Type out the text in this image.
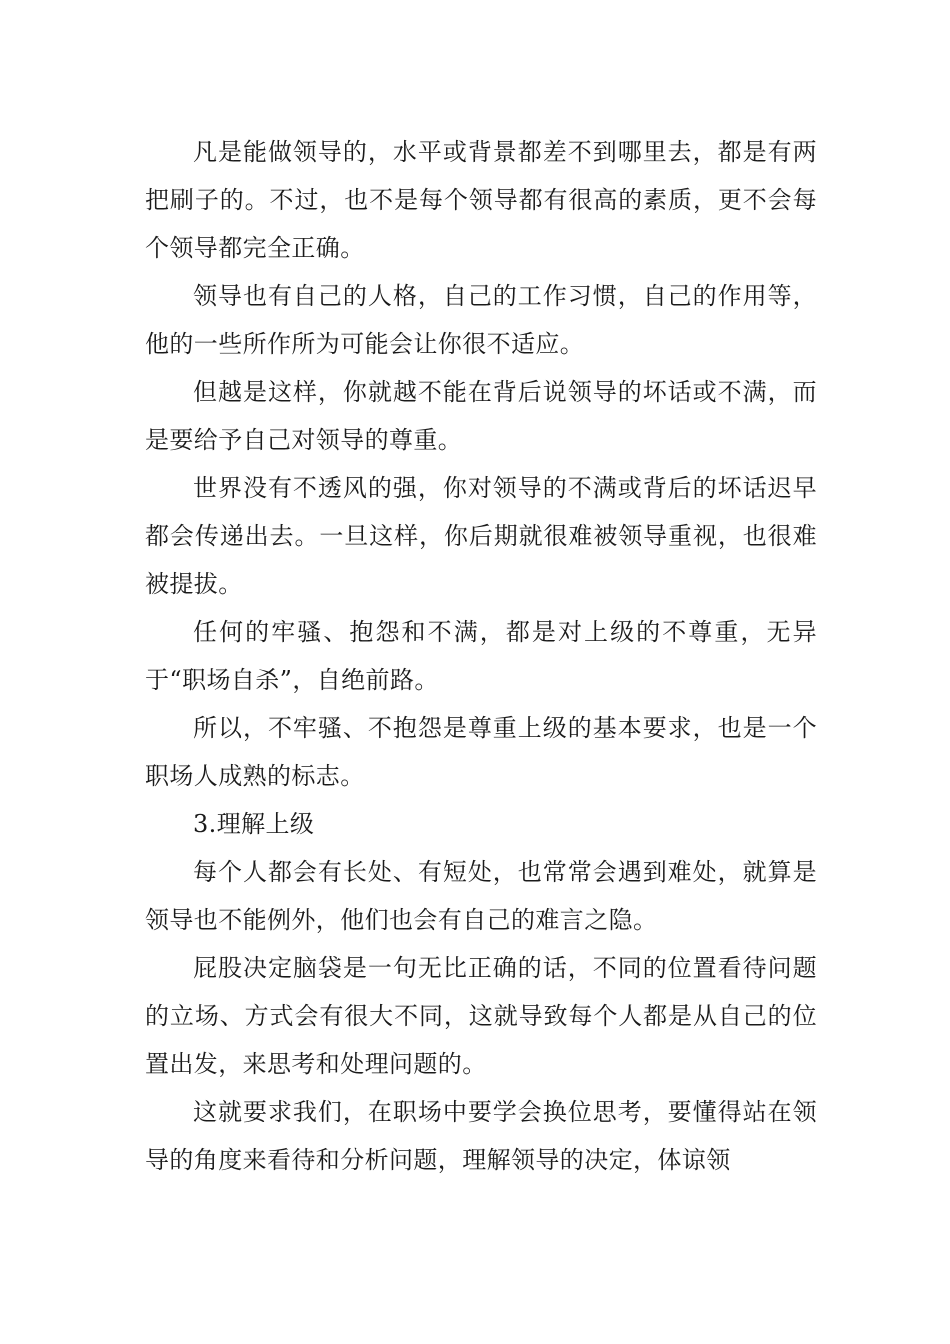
凡是能做领导的，水平或背景都差不到哪里去，都是有两把刷子的。不过，也不是每个领导都有很高的素质，更不会每个领导都完全正确。

领导也有自己的人格，自己的工作习惯，自己的作用等，他的一些所作所为可能会让你很不适应。

但越是这样，你就越不能在背后说领导的坏话或不满，而是要给予自己对领导的尊重。

世界没有不透风的强，你对领导的不满或背后的坏话迟早都会传递出去。一旦这样，你后期就很难被领导重视，也很难被提拔。

任何的牢骚、抱怨和不满，都是对上级的不尊重，无异于“职场自杀”，自绝前路。

所以，不牢骚、不抱怨是尊重上级的基本要求，也是一个职场人成熟的标志。

3.理解上级

每个人都会有长处、有短处，也常常会遇到难处，就算是领导也不能例外，他们也会有自己的难言之隐。

屁股决定脑袋是一句无比正确的话，不同的位置看待问题的立场、方式会有很大不同，这就导致每个人都是从自己的位置出发，来思考和处理问题的。

这就要求我们，在职场中要学会换位思考，要懂得站在领导的角度来看待和分析问题，理解领导的决定，体谅领
